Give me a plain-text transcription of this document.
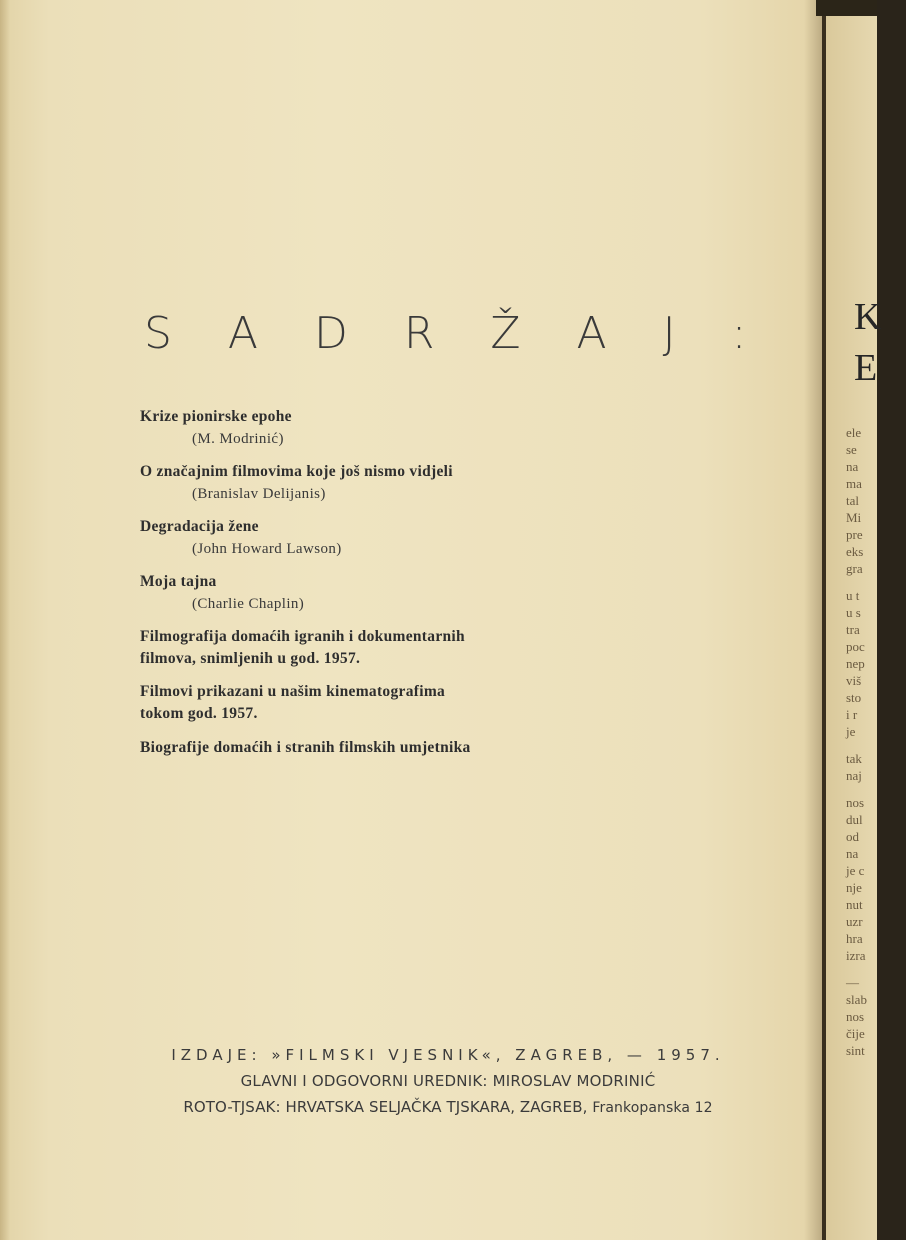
S A D R Ž A J :
Krize pionirske epohe
(M. Modrinić)
O značajnim filmovima koje još nismo vidjeli
(Branislav Delijanis)
Degradacija žene
(John Howard Lawson)
Moja tajna
(Charlie Chaplin)
Filmografija domaćih igranih i dokumentarnih
filmova, snimljenih u god. 1957.
Filmovi prikazani u našim kinematografima
tokom god. 1957.
Biografije domaćih i stranih filmskih umjetnika
IZDAJE: »FILMSKI VJESNIK«, ZAGREB, — 1957.
GLAVNI I ODGOVORNI UREDNIK: MIROSLAV MODRINIĆ
ROTO-TJSAK: HRVATSKA SELJAČKA TJSKARA, ZAGREB, Frankopanska 12
K
E
ele
se
na
ma
tal
Mi
pre
eks
gra
u t
u s
tra
poc
nep
viš
sto
i r
je
tak
naj
nos
dul
od
na
je c
nje
nut
uzr
hra
izra
—
slab
nos
čije
sint
